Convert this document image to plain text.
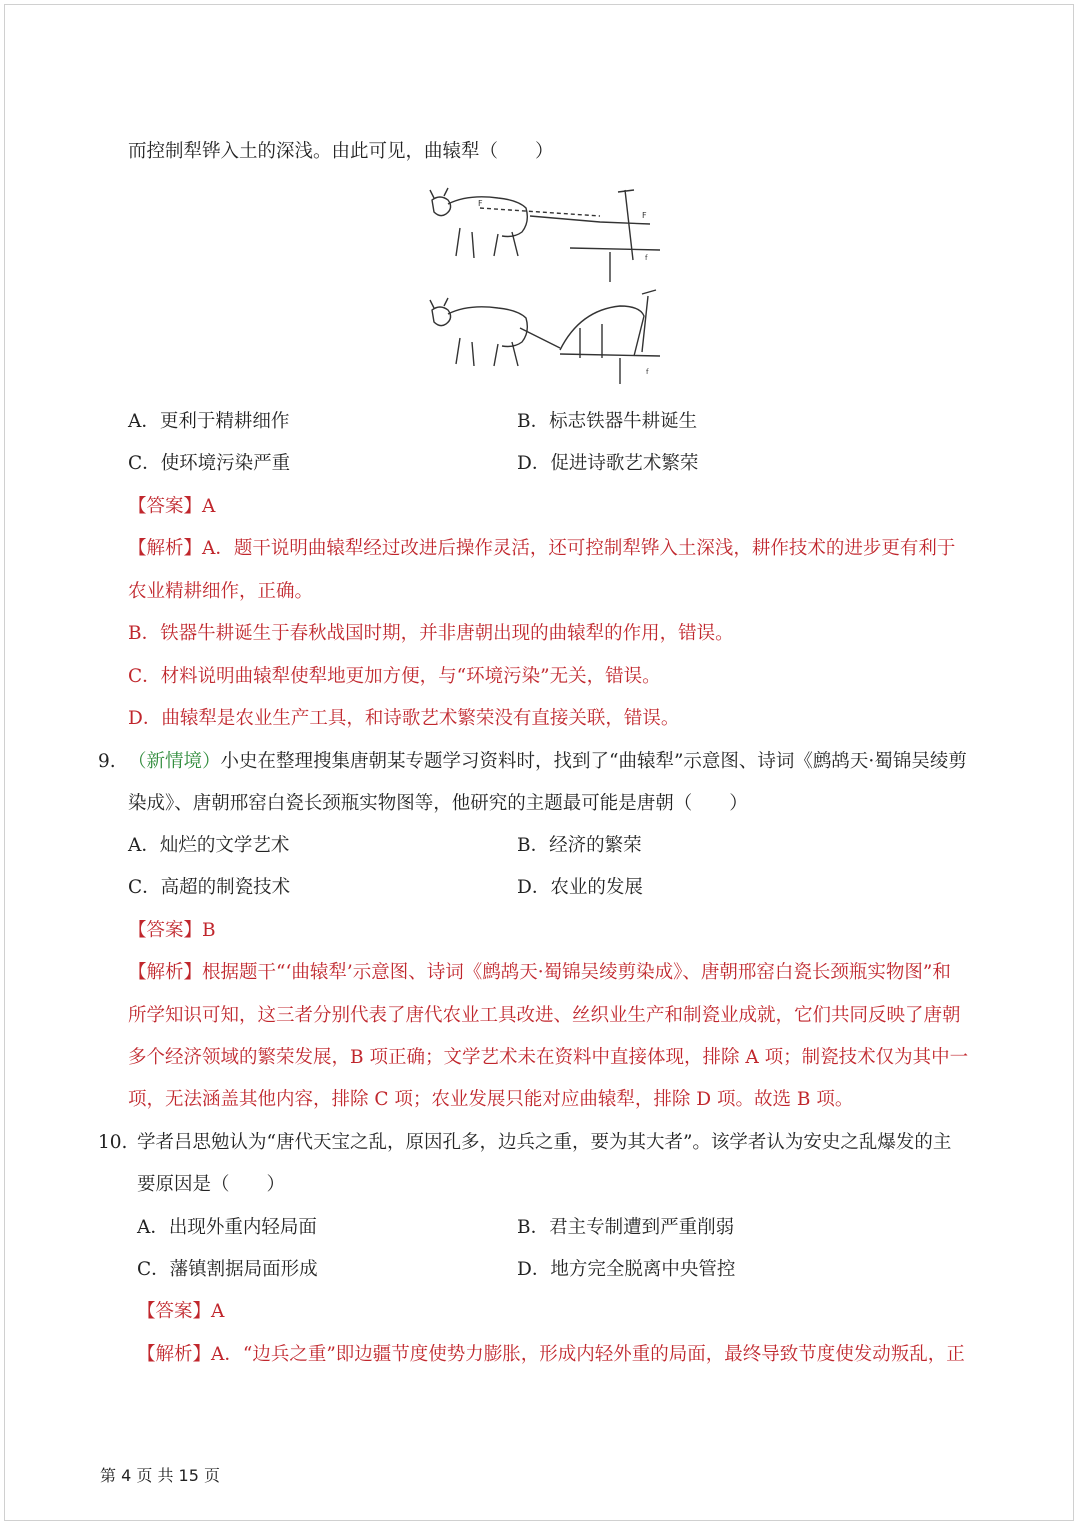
而控制犁铧入土的深浅。由此可见，曲辕犁（　　）
F
F
f
f
A．更利于精耕细作	B．标志铁器牛耕诞生
C．使环境污染严重	D．促进诗歌艺术繁荣
【答案】A
【解析】A．题干说明曲辕犁经过改进后操作灵活，还可控制犁铧入土深浅，耕作技术的进步更有利于
农业精耕细作，正确。
B．铁器牛耕诞生于春秋战国时期，并非唐朝出现的曲辕犁的作用，错误。
C．材料说明曲辕犁使犁地更加方便，与“环境污染”无关，错误。
D．曲辕犁是农业生产工具，和诗歌艺术繁荣没有直接关联，错误。
9. （新情境）小史在整理搜集唐朝某专题学习资料时，找到了“曲辕犁”示意图、诗词《鹧鸪天·蜀锦吴绫剪
染成》、唐朝邢窑白瓷长颈瓶实物图等，他研究的主题最可能是唐朝（　　）
A．灿烂的文学艺术	B．经济的繁荣
C．高超的制瓷技术	D．农业的发展
【答案】B
【解析】根据题干“‘曲辕犁’示意图、诗词《鹧鸪天·蜀锦吴绫剪染成》、唐朝邢窑白瓷长颈瓶实物图”和
所学知识可知，这三者分别代表了唐代农业工具改进、丝织业生产和制瓷业成就，它们共同反映了唐朝
多个经济领域的繁荣发展，B 项正确；文学艺术未在资料中直接体现，排除 A 项；制瓷技术仅为其中一
项，无法涵盖其他内容，排除 C 项；农业发展只能对应曲辕犁，排除 D 项。故选 B 项。
10. 学者吕思勉认为“唐代天宝之乱，原因孔多，边兵之重，要为其大者”。该学者认为安史之乱爆发的主
要原因是（　　）
A．出现外重内轻局面	B．君主专制遭到严重削弱
C．藩镇割据局面形成	D．地方完全脱离中央管控
【答案】A
【解析】A．“边兵之重”即边疆节度使势力膨胀，形成内轻外重的局面，最终导致节度使发动叛乱，正
第 4 页 共 15 页
